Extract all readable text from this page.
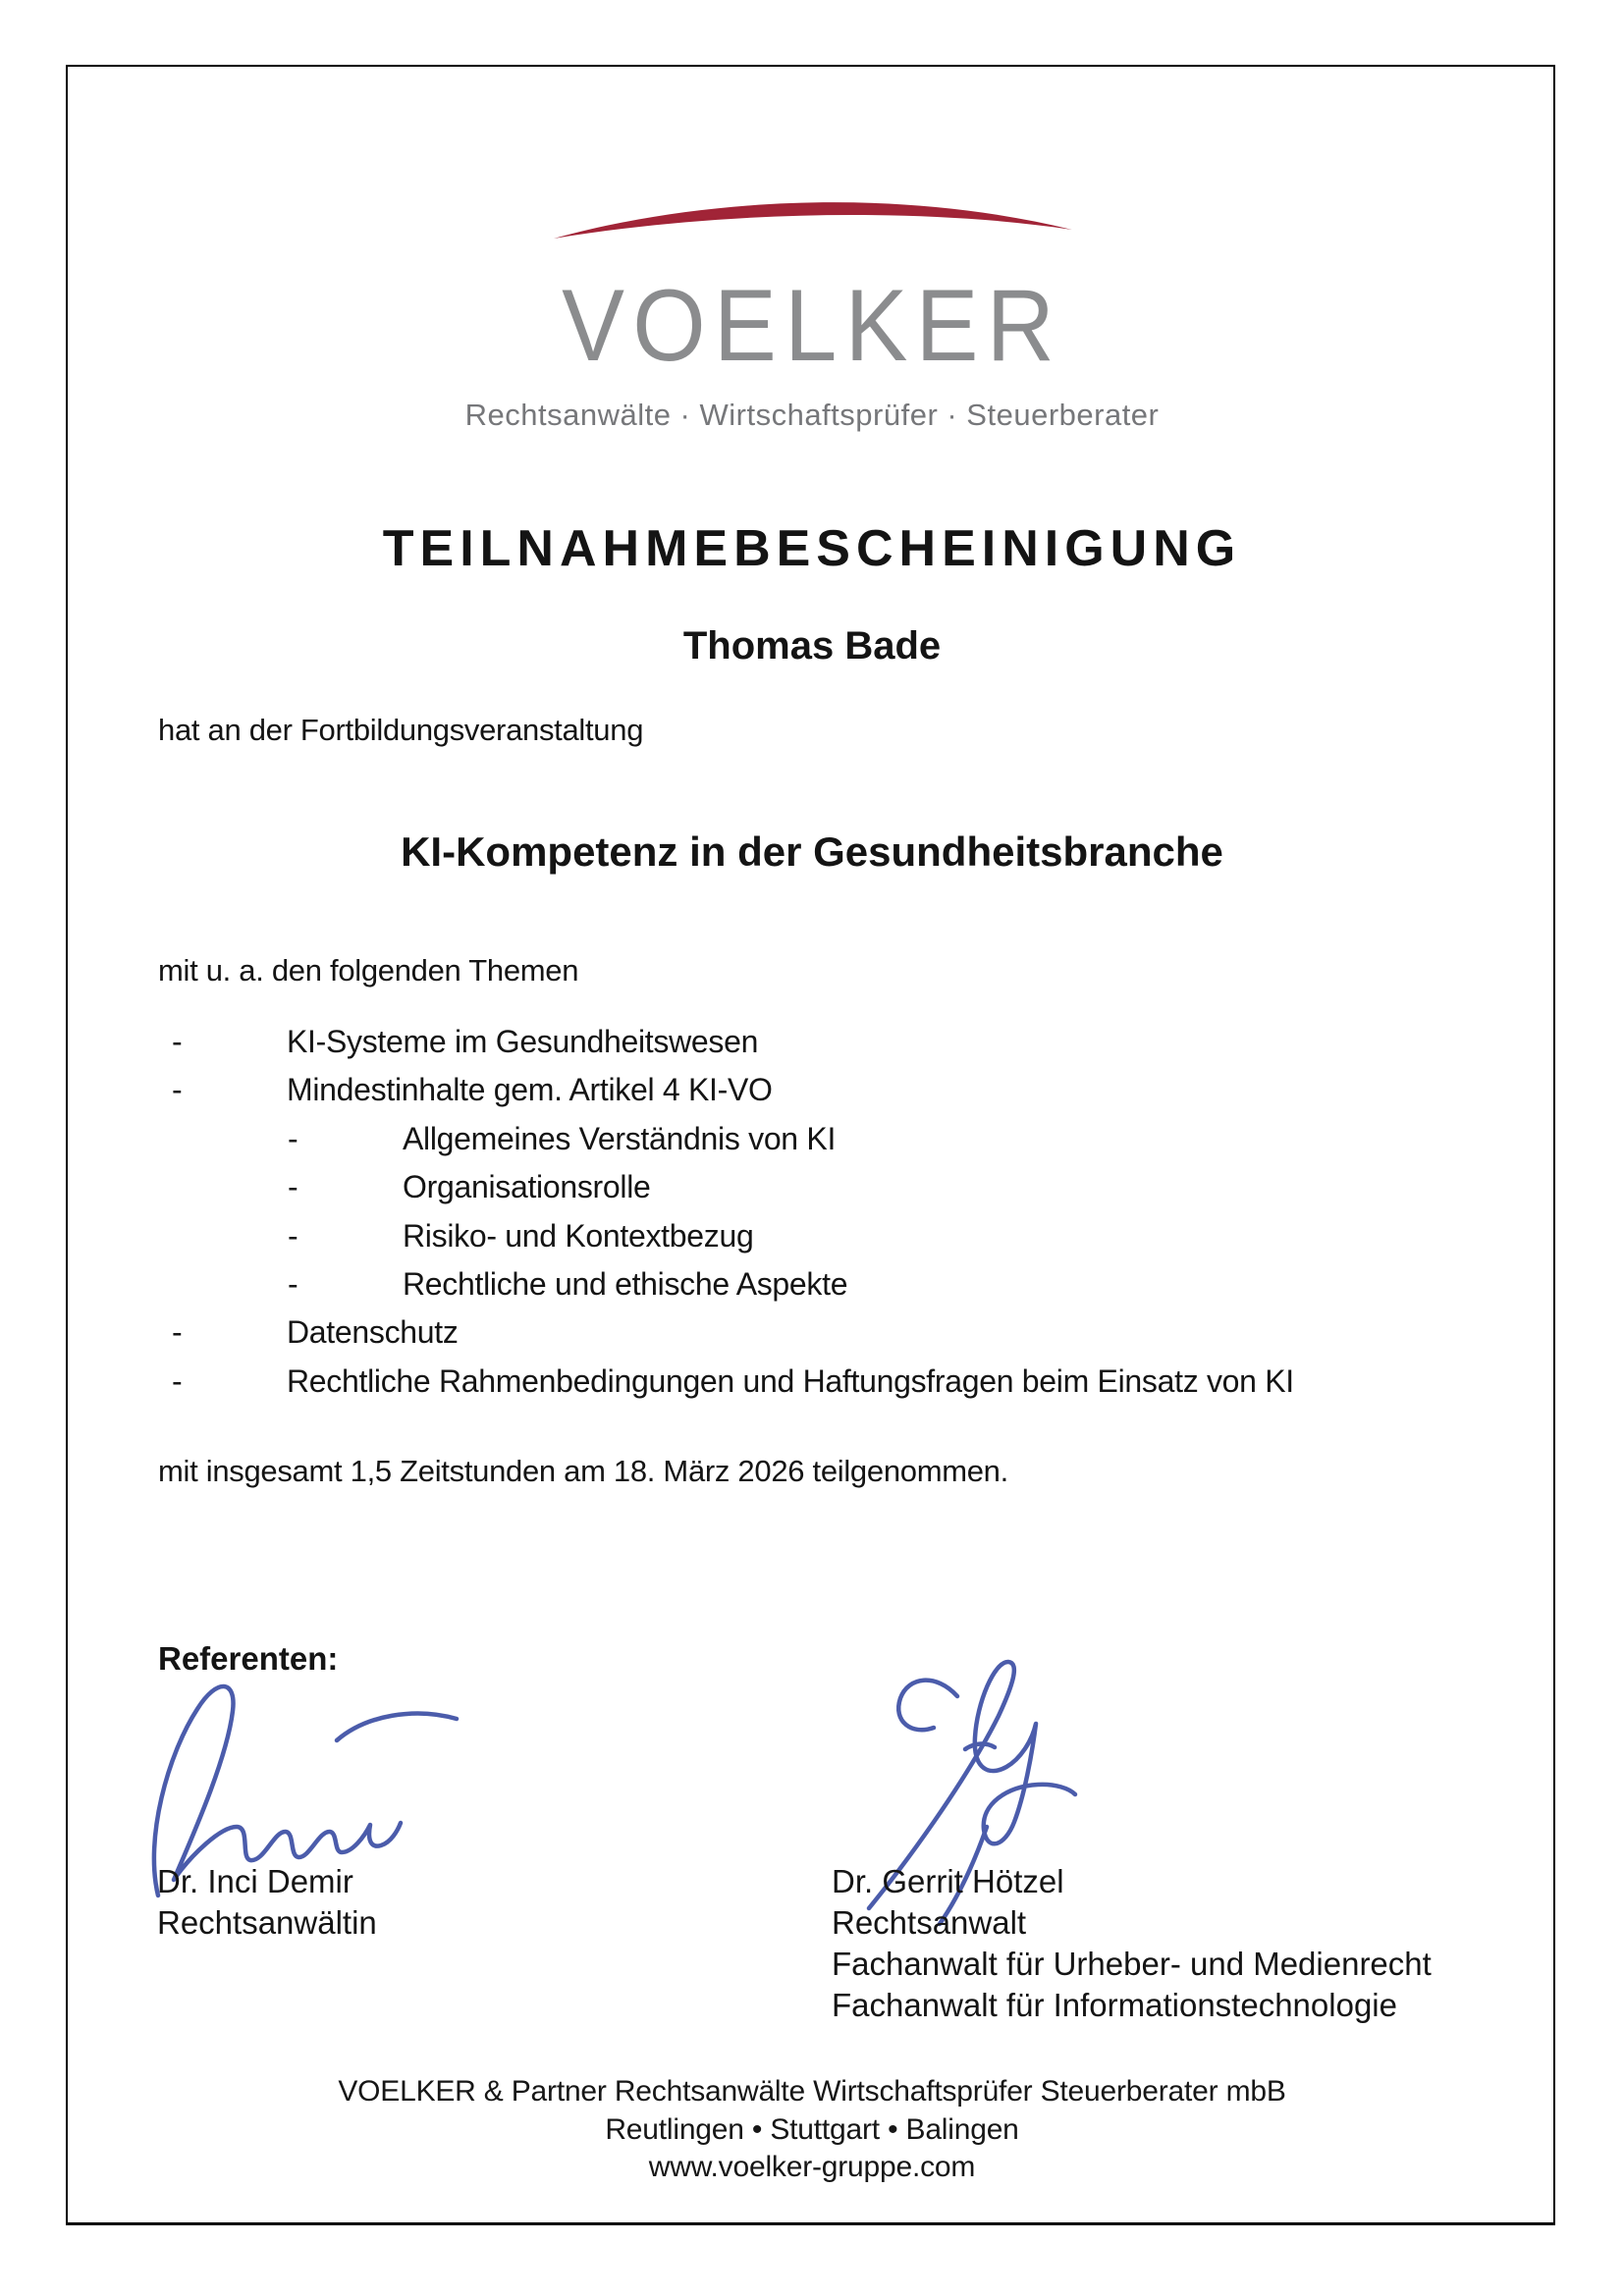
VOELKER
Rechtsanwälte · Wirtschaftsprüfer · Steuerberater
TEILNAHMEBESCHEINIGUNG
Thomas Bade
hat an der Fortbildungsveranstaltung
KI-Kompetenz in der Gesundheitsbranche
mit u. a. den folgenden Themen
-	KI-Systeme im Gesundheitswesen
-	Mindestinhalte gem. Artikel 4 KI-VO
-	Allgemeines Verständnis von KI
-	Organisationsrolle
-	Risiko- und Kontextbezug
-	Rechtliche und ethische Aspekte
-	Datenschutz
-	Rechtliche Rahmenbedingungen und Haftungsfragen beim Einsatz von KI
mit insgesamt 1,5 Zeitstunden am 18. März 2026 teilgenommen.
Referenten:
Dr. Inci Demir
Rechtsanwältin
Dr. Gerrit Hötzel
Rechtsanwalt
Fachanwalt für Urheber- und Medienrecht
Fachanwalt für Informationstechnologie
VOELKER & Partner Rechtsanwälte Wirtschaftsprüfer Steuerberater mbB
Reutlingen • Stuttgart • Balingen
www.voelker-gruppe.com
